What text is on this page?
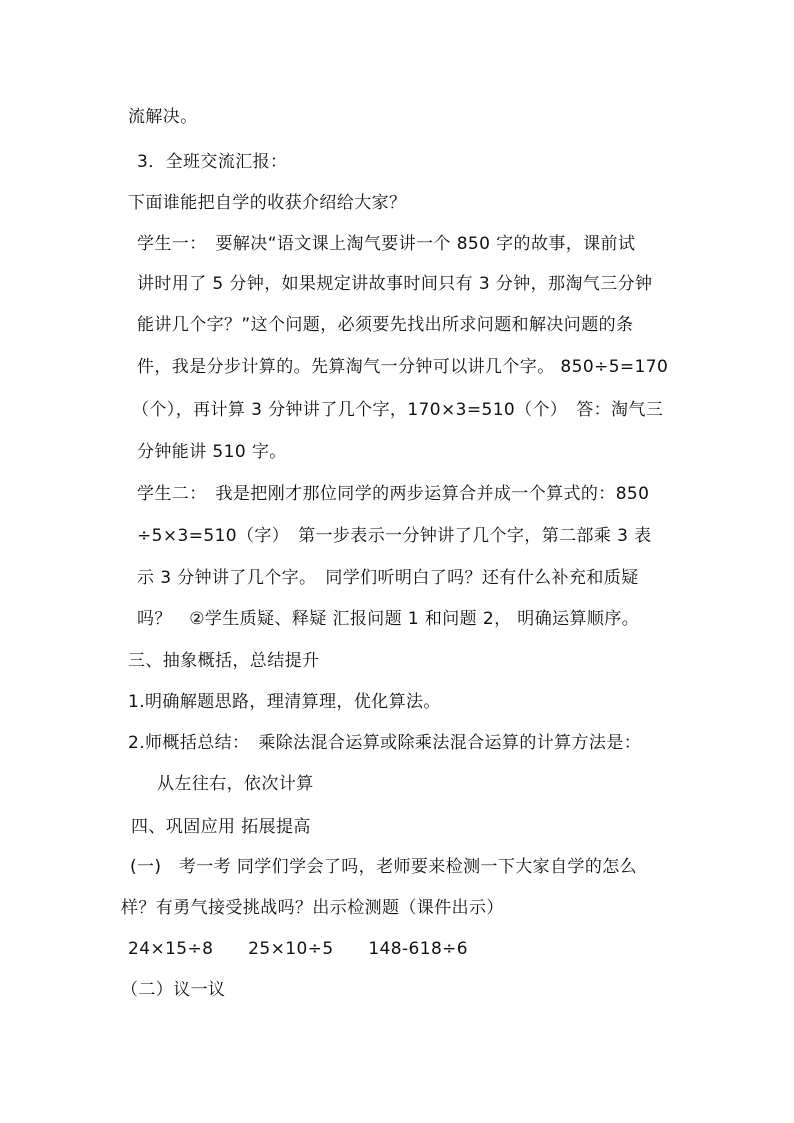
流解决。
3．全班交流汇报：
下面谁能把自学的收获介绍给大家？
学生一：　要解决“语文课上淘气要讲一个 850 字的故事，课前试
讲时用了 5 分钟，如果规定讲故事时间只有 3 分钟，那淘气三分钟
能讲几个字？”这个问题，必须要先找出所求问题和解决问题的条
件，我是分步计算的。先算淘气一分钟可以讲几个字。 850÷5=170
（个），再计算 3 分钟讲了几个字，170×3=510（个）　答：淘气三
分钟能讲 510 字。
学生二：　我是把刚才那位同学的两步运算合并成一个算式的：850
÷5×3=510（字）　第一步表示一分钟讲了几个字，第二部乘 3 表
示 3 分钟讲了几个字。　同学们听明白了吗？还有什么补充和质疑
吗？　②学生质疑、释疑 汇报问题 1 和问题 2， 明确运算顺序。
三、抽象概括，总结提升
1.明确解题思路，理清算理，优化算法。
2.师概括总结：　乘除法混合运算或除乘法混合运算的计算方法是：
从左往右，依次计算
四、巩固应用 拓展提高
(一)　考一考 同学们学会了吗，老师要来检测一下大家自学的怎么
样？有勇气接受挑战吗？出示检测题（课件出示）
24×15÷8　　25×10÷5　　148-618÷6
（二）议一议
